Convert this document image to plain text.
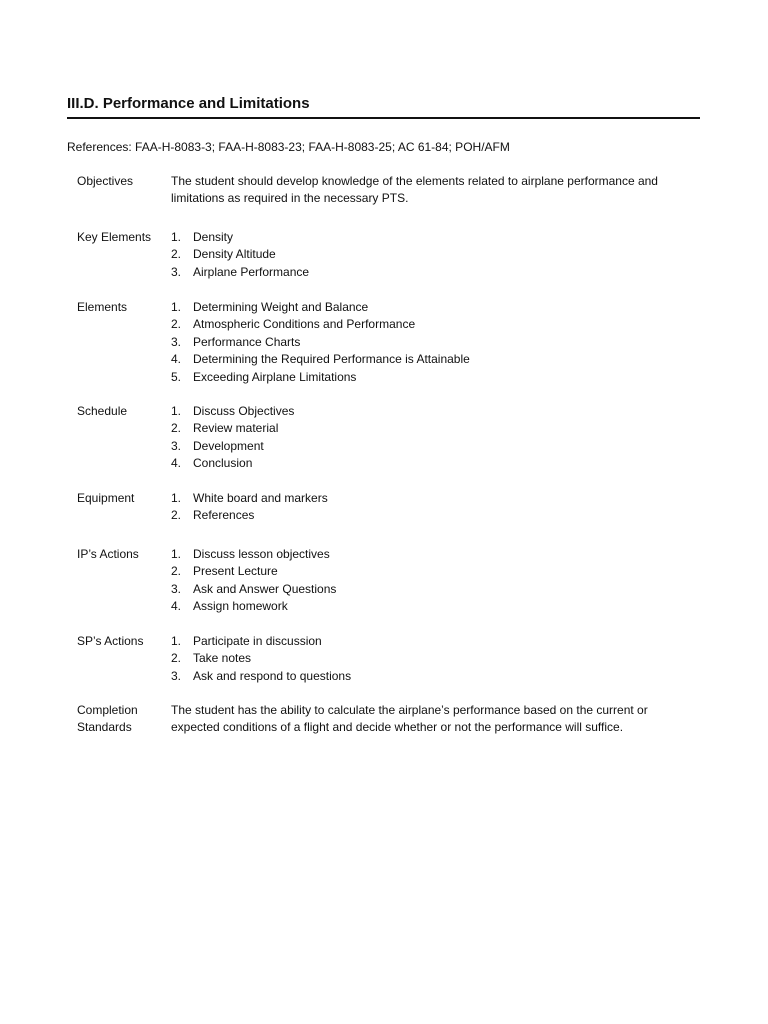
III.D. Performance and Limitations
References: FAA-H-8083-3; FAA-H-8083-23; FAA-H-8083-25; AC 61-84; POH/AFM
Objectives	The student should develop knowledge of the elements related to airplane performance and
limitations as required in the necessary PTS.
Key Elements	1. Density
2. Density Altitude
3. Airplane Performance
Elements	1. Determining Weight and Balance
2. Atmospheric Conditions and Performance
3. Performance Charts
4. Determining the Required Performance is Attainable
5. Exceeding Airplane Limitations
Schedule	1. Discuss Objectives
2. Review material
3. Development
4. Conclusion
Equipment	1. White board and markers
2. References
IP’s Actions	1. Discuss lesson objectives
2. Present Lecture
3. Ask and Answer Questions
4. Assign homework
SP’s Actions	1. Participate in discussion
2. Take notes
3. Ask and respond to questions
Completion
Standards
The student has the ability to calculate the airplane’s performance based on the current or
expected conditions of a flight and decide whether or not the performance will suffice.
